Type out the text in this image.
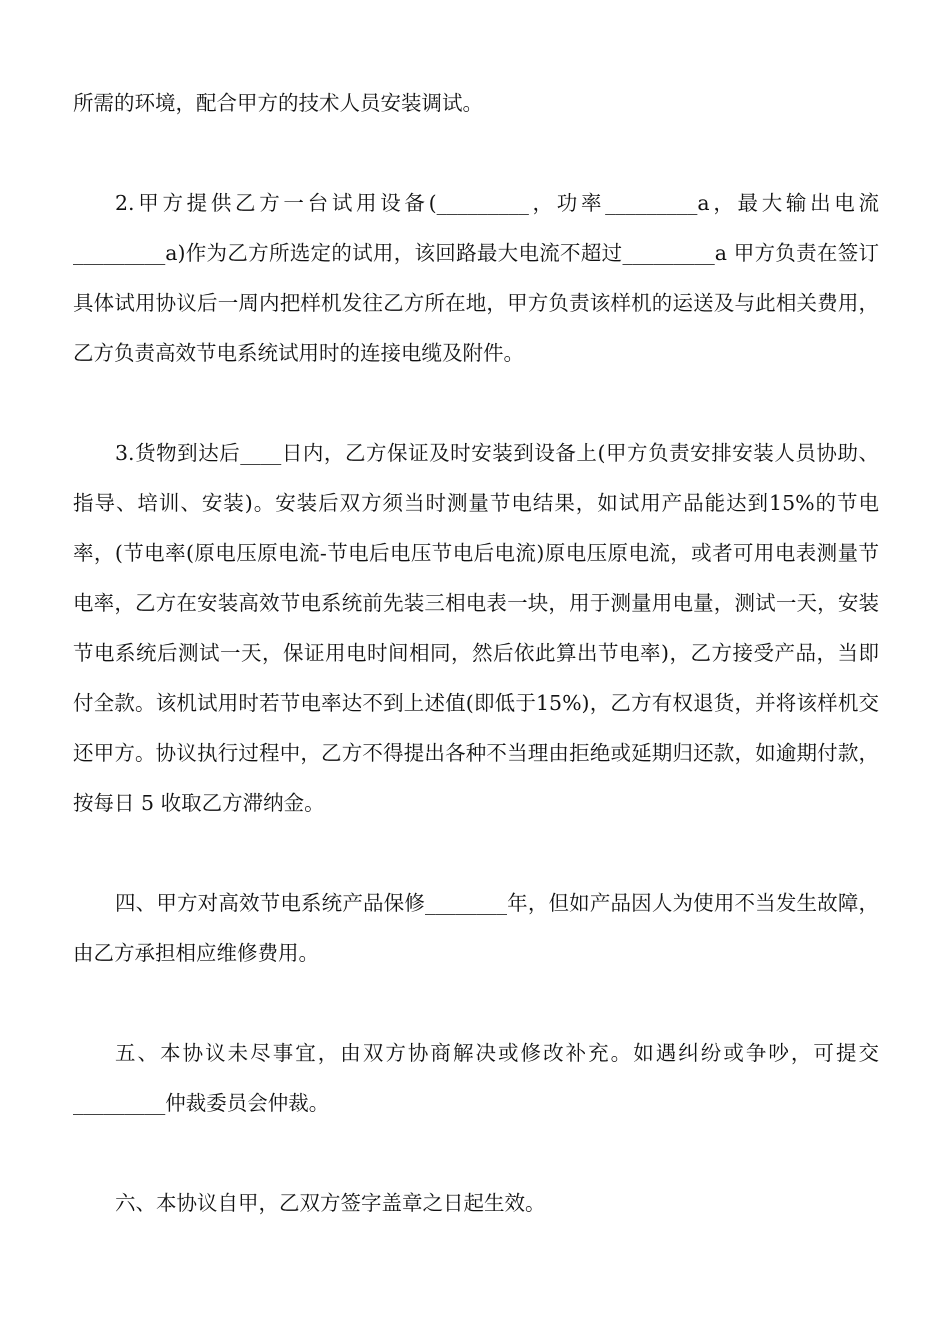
所需的环境，配合甲方的技术人员安装调试。

2.甲方提供乙方一台试用设备(_________，功率_________a，最大输出电流_________a)作为乙方所选定的试用，该回路最大电流不超过_________a 甲方负责在签订具体试用协议后一周内把样机发往乙方所在地，甲方负责该样机的运送及与此相关费用，乙方负责高效节电系统试用时的连接电缆及附件。

3.货物到达后____日内，乙方保证及时安装到设备上(甲方负责安排安装人员协助、指导、培训、安装)。安装后双方须当时测量节电结果，如试用产品能达到15%的节电率，(节电率(原电压原电流-节电后电压节电后电流)原电压原电流，或者可用电表测量节电率，乙方在安装高效节电系统前先装三相电表一块，用于测量用电量，测试一天，安装节电系统后测试一天，保证用电时间相同，然后依此算出节电率)，乙方接受产品，当即付全款。该机试用时若节电率达不到上述值(即低于15%)，乙方有权退货，并将该样机交还甲方。协议执行过程中，乙方不得提出各种不当理由拒绝或延期归还款，如逾期付款，按每日 5 收取乙方滞纳金。

四、甲方对高效节电系统产品保修________年，但如产品因人为使用不当发生故障，由乙方承担相应维修费用。

五、本协议未尽事宜，由双方协商解决或修改补充。如遇纠纷或争吵，可提交_________仲裁委员会仲裁。

六、本协议自甲，乙双方签字盖章之日起生效。
